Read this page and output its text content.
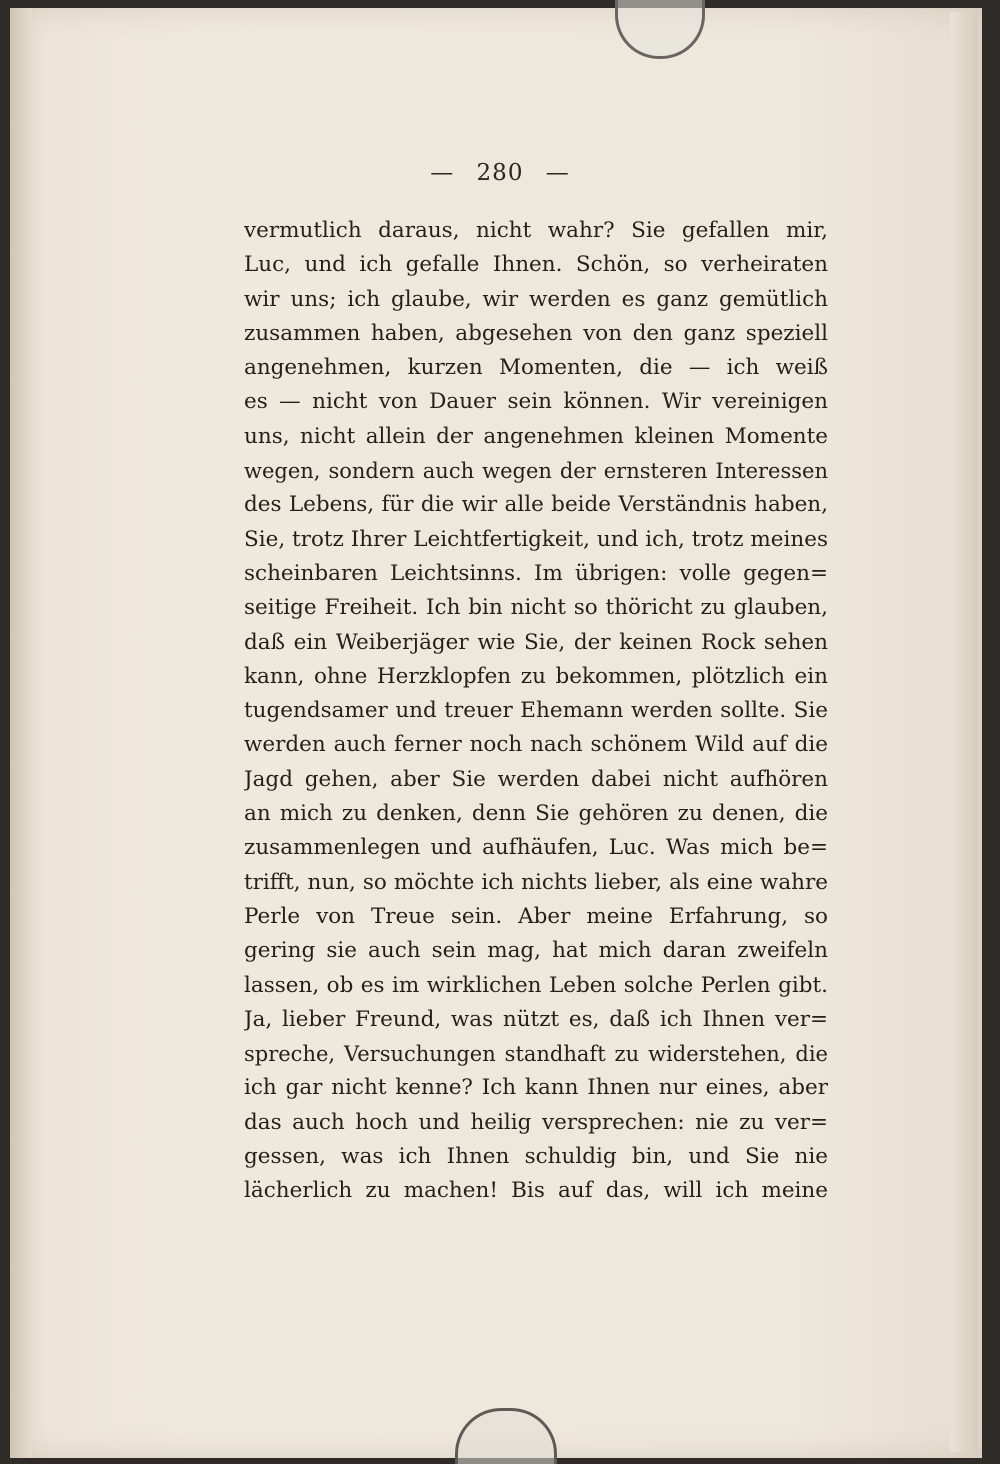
— 280 —
vermutlich daraus, nicht wahr? Sie gefallen mir,
Luc, und ich gefalle Ihnen. Schön, so verheiraten
wir uns; ich glaube, wir werden es ganz gemütlich
zusammen haben, abgesehen von den ganz speziell
angenehmen, kurzen Momenten, die — ich weiß
es — nicht von Dauer sein können. Wir vereinigen
uns, nicht allein der angenehmen kleinen Momente
wegen, sondern auch wegen der ernsteren Interessen
des Lebens, für die wir alle beide Verständnis haben,
Sie, trotz Ihrer Leichtfertigkeit, und ich, trotz meines
scheinbaren Leichtsinns. Im übrigen: volle gegen=
seitige Freiheit. Ich bin nicht so thöricht zu glauben,
daß ein Weiberjäger wie Sie, der keinen Rock sehen
kann, ohne Herzklopfen zu bekommen, plötzlich ein
tugendsamer und treuer Ehemann werden sollte. Sie
werden auch ferner noch nach schönem Wild auf die
Jagd gehen, aber Sie werden dabei nicht aufhören
an mich zu denken, denn Sie gehören zu denen, die
zusammenlegen und aufhäufen, Luc. Was mich be=
trifft, nun, so möchte ich nichts lieber, als eine wahre
Perle von Treue sein. Aber meine Erfahrung, so
gering sie auch sein mag, hat mich daran zweifeln
lassen, ob es im wirklichen Leben solche Perlen gibt.
Ja, lieber Freund, was nützt es, daß ich Ihnen ver=
spreche, Versuchungen standhaft zu widerstehen, die
ich gar nicht kenne? Ich kann Ihnen nur eines, aber
das auch hoch und heilig versprechen: nie zu ver=
gessen, was ich Ihnen schuldig bin, und Sie nie
lächerlich zu machen! Bis auf das, will ich meine
